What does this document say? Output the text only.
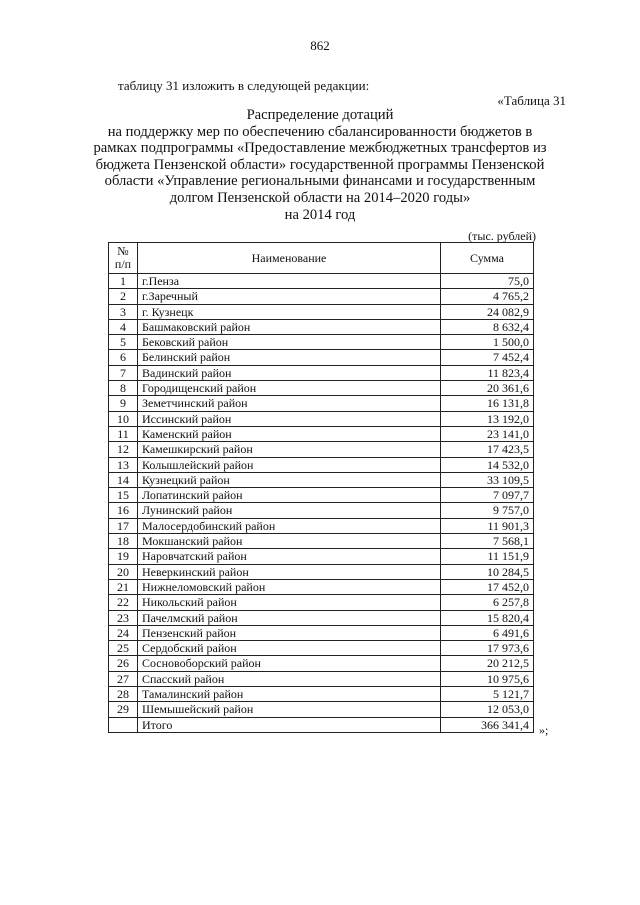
862
таблицу 31 изложить в следующей редакции:
«Таблица 31
Распределение дотаций
на поддержку мер по обеспечению сбалансированности бюджетов в
рамках подпрограммы «Предоставление межбюджетных трансфертов из
бюджета Пензенской области» государственной программы Пензенской
области «Управление региональными финансами и государственным
долгом Пензенской области на 2014–2020 годы»
на 2014 год
(тыс. рублей)
№
п/п	Наименование	Сумма
1	г.Пенза	75,0
2	г.Заречный	4 765,2
3	г. Кузнецк	24 082,9
4	Башмаковский район	8 632,4
5	Бековский район	1 500,0
6	Белинский район	7 452,4
7	Вадинский район	11 823,4
8	Городищенский район	20 361,6
9	Земетчинский район	16 131,8
10	Иссинский район	13 192,0
11	Каменский район	23 141,0
12	Камешкирский район	17 423,5
13	Колышлейский район	14 532,0
14	Кузнецкий район	33 109,5
15	Лопатинский район	7 097,7
16	Лунинский район	9 757,0
17	Малосердобинский район	11 901,3
18	Мокшанский район	7 568,1
19	Наровчатский район	11 151,9
20	Неверкинский район	10 284,5
21	Нижнеломовский район	17 452,0
22	Никольский район	6 257,8
23	Пачелмский район	15 820,4
24	Пензенский район	6 491,6
25	Сердобский район	17 973,6
26	Сосновоборский район	20 212,5
27	Спасский район	10 975,6
28	Тамалинский район	5 121,7
29	Шемышейский район	12 053,0
	Итого	366 341,4 »;
